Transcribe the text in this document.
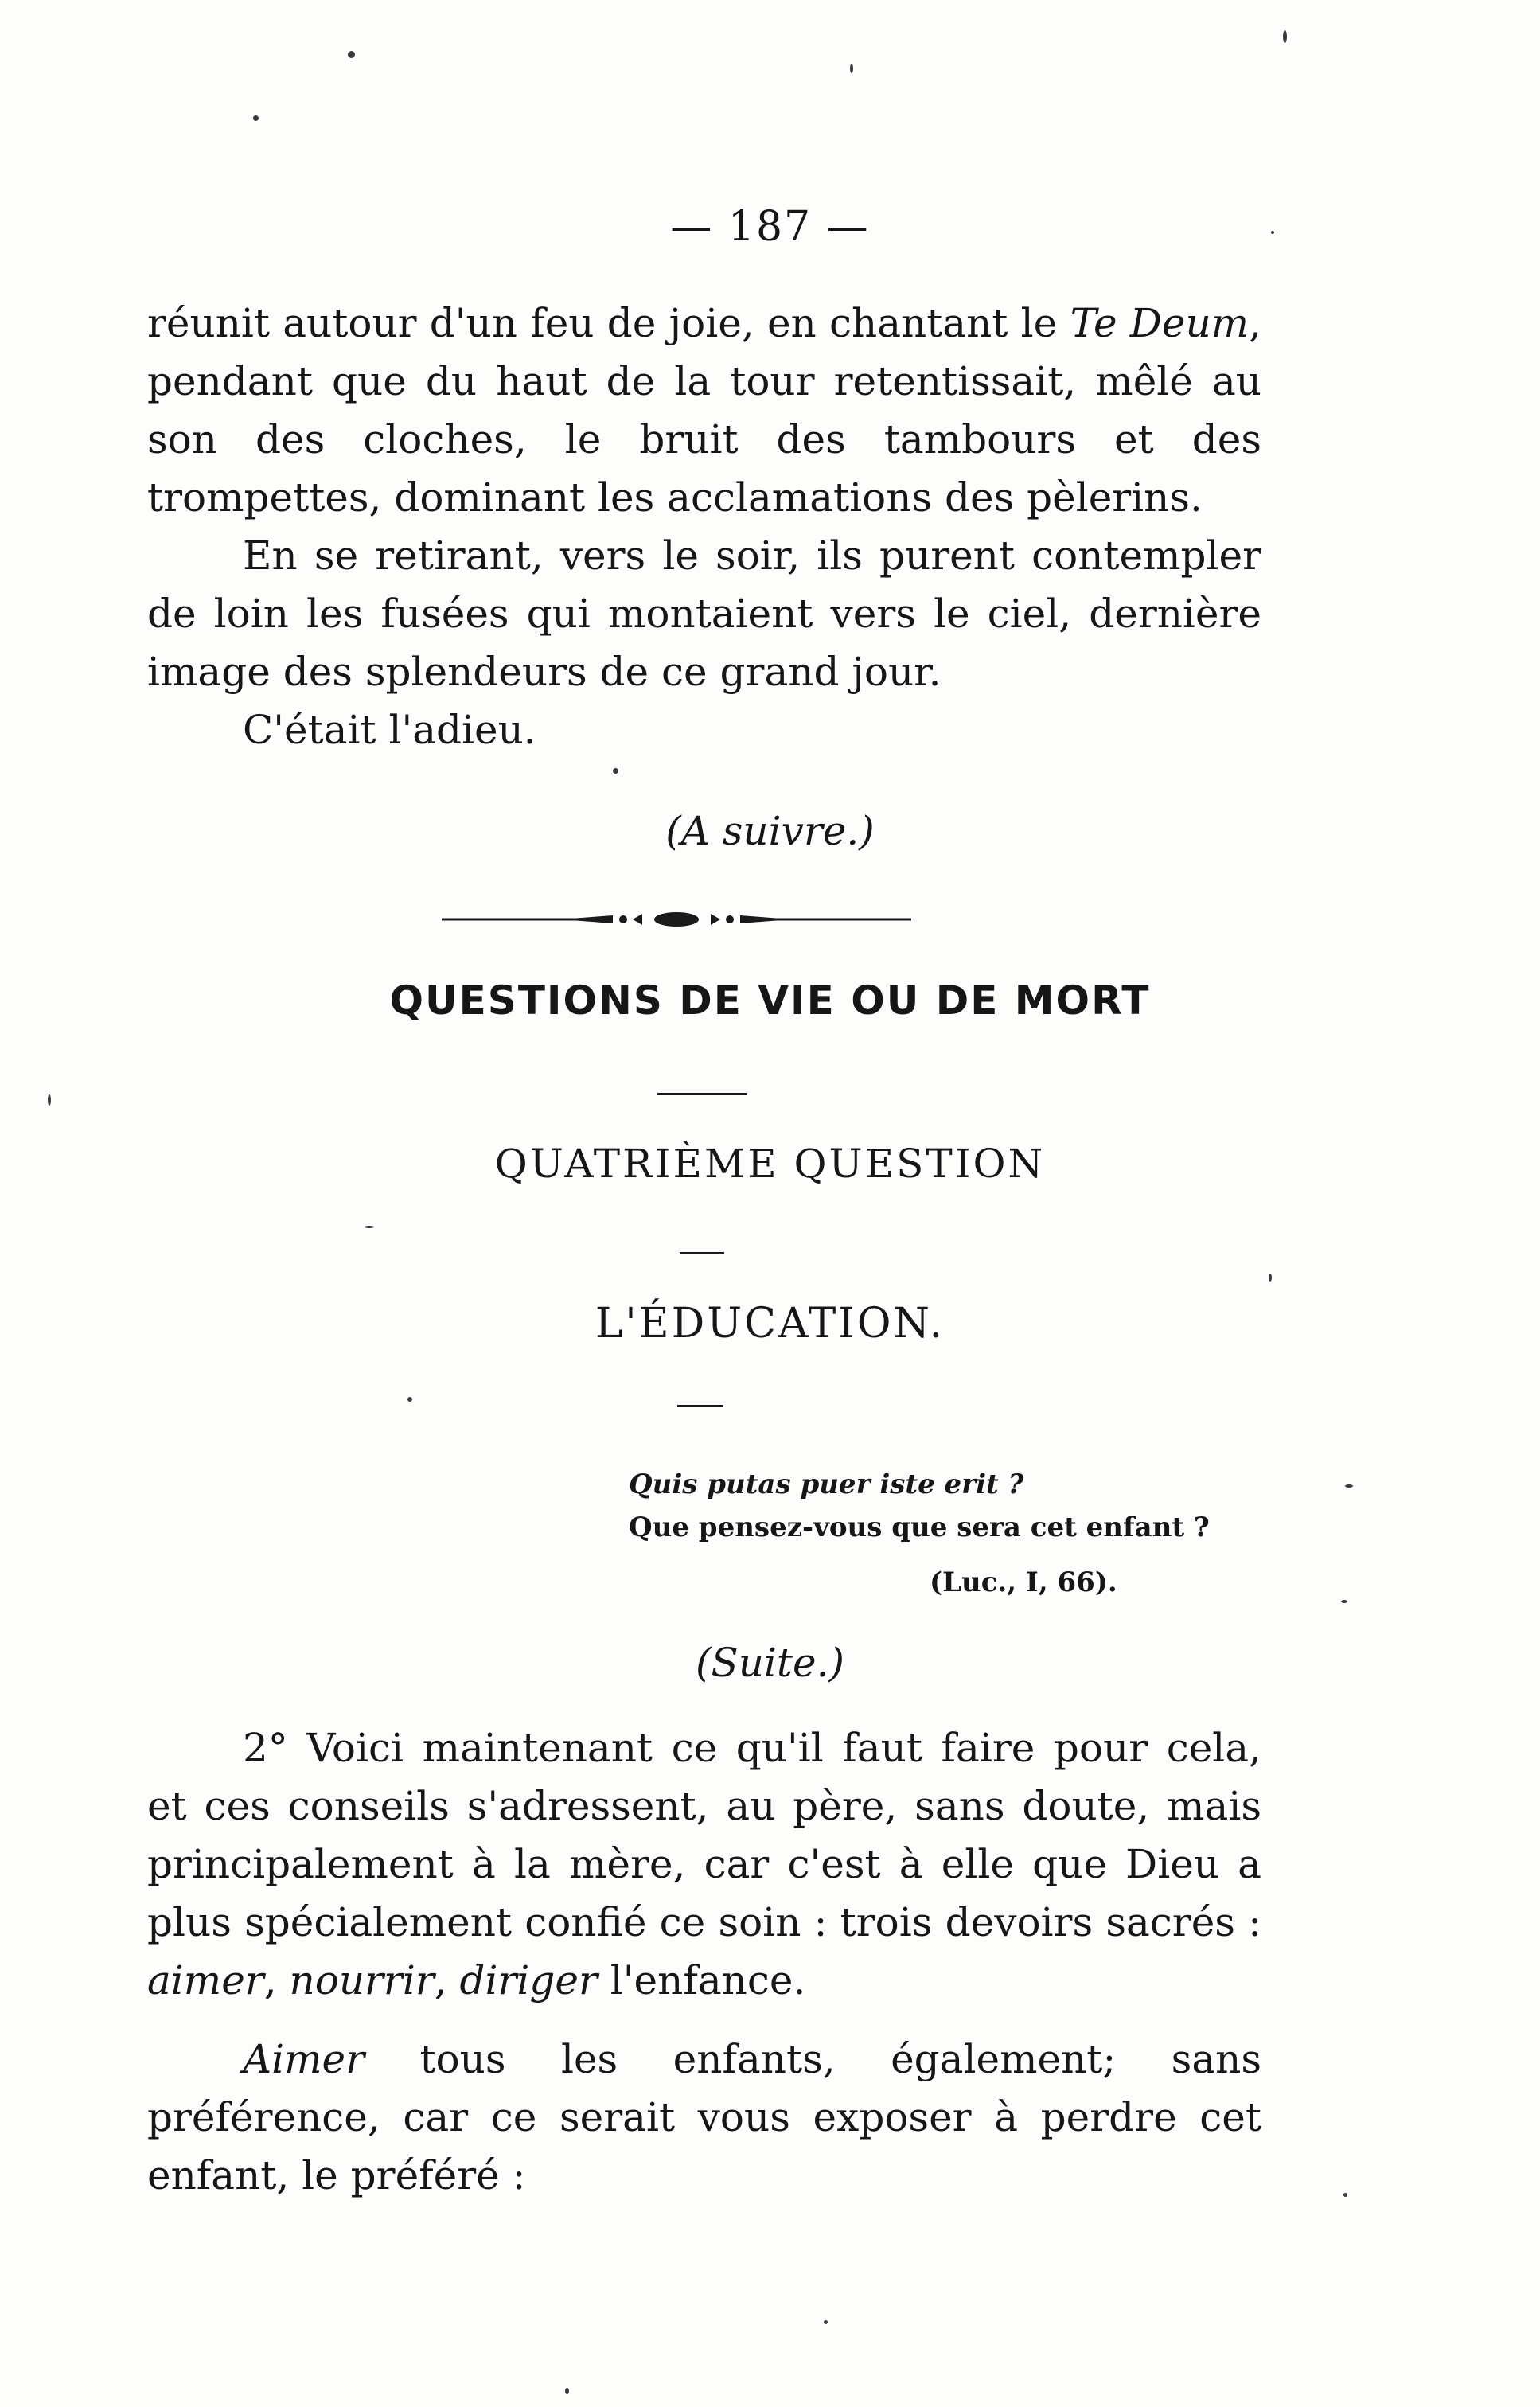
— 187 —

réunit autour d'un feu de joie, en chantant le Te Deum, pendant que du haut de la tour retentissait, mêlé au son des cloches, le bruit des tambours et des trompettes, dominant les acclamations des pèlerins.

En se retirant, vers le soir, ils purent contempler de loin les fusées qui montaient vers le ciel, dernière image des splendeurs de ce grand jour.

C'était l'adieu.

(A suivre.)
QUESTIONS DE VIE OU DE MORT
QUATRIÈME QUESTION
L'ÉDUCATION.
Quis putas puer iste erit ?
Que pensez-vous que sera cet enfant ?
(Luc., I, 66).
(Suite.)

2° Voici maintenant ce qu'il faut faire pour cela, et ces conseils s'adressent, au père, sans doute, mais principalement à la mère, car c'est à elle que Dieu a plus spécialement confié ce soin : trois devoirs sacrés : aimer, nourrir, diriger l'enfance.

Aimer tous les enfants, également; sans préférence, car ce serait vous exposer à perdre cet enfant, le préféré :
